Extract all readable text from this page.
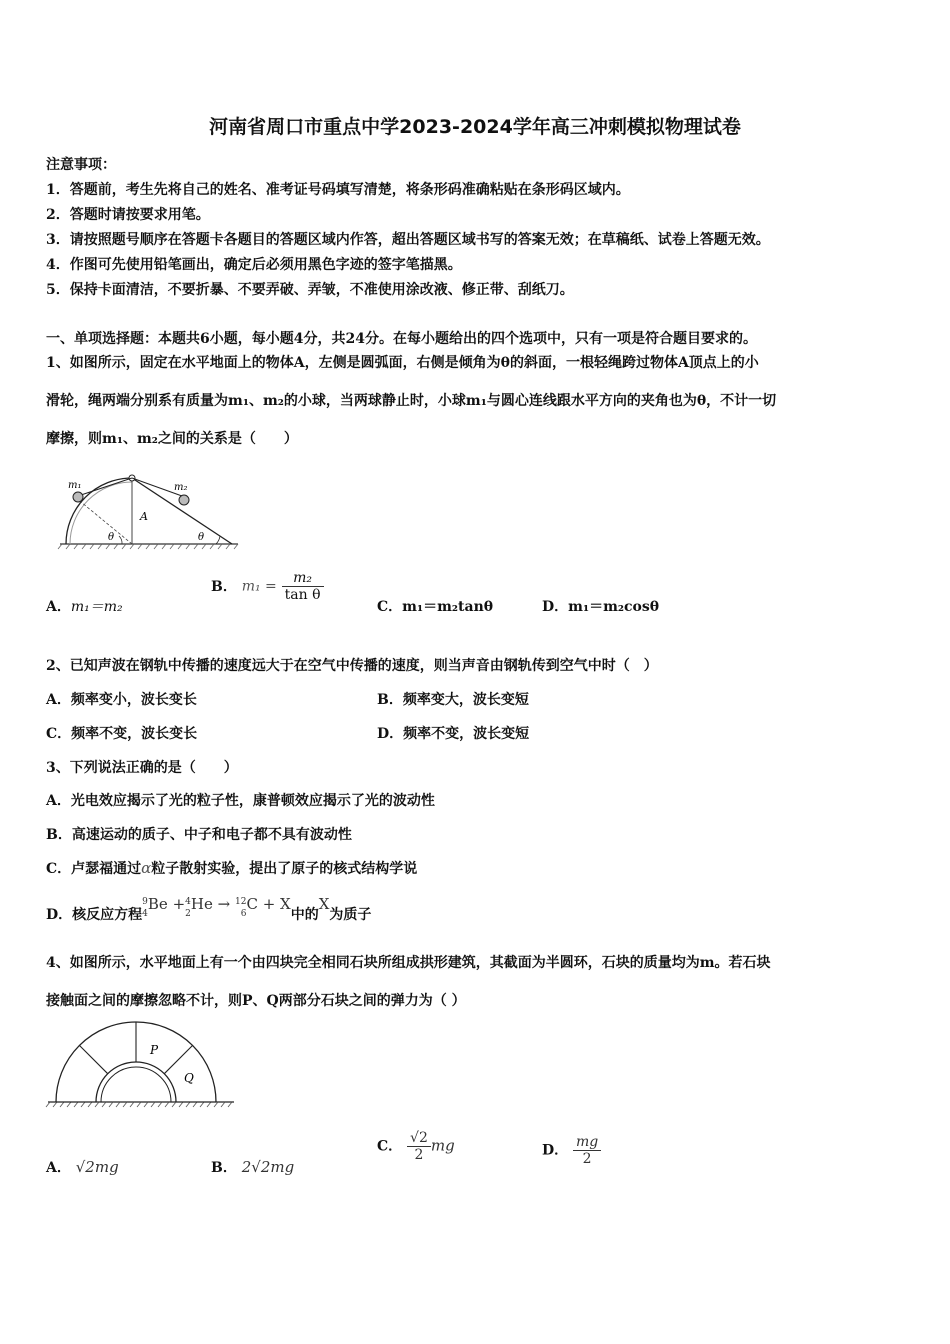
河南省周口市重点中学2023-2024学年高三冲刺模拟物理试卷
注意事项：
1．答题前，考生先将自己的姓名、准考证号码填写清楚，将条形码准确粘贴在条形码区域内。
2．答题时请按要求用笔。
3．请按照题号顺序在答题卡各题目的答题区域内作答，超出答题区域书写的答案无效；在草稿纸、试卷上答题无效。
4．作图可先使用铅笔画出，确定后必须用黑色字迹的签字笔描黑。
5．保持卡面清洁，不要折暴、不要弄破、弄皱，不准使用涂改液、修正带、刮纸刀。
一、单项选择题：本题共6小题，每小题4分，共24分。在每小题给出的四个选项中，只有一项是符合题目要求的。
1、如图所示，固定在水平地面上的物体A，左侧是圆弧面，右侧是倾角为θ的斜面，一根轻绳跨过物体A顶点上的小
滑轮，绳两端分别系有质量为m₁、m₂的小球，当两球静止时，小球m₁与圆心连线跟水平方向的夹角也为θ，不计一切
摩擦，则m₁、m₂之间的关系是（　　）
m₁	m₂
A
θ	θ
A．m₁＝m₂
B． $m_1 = \frac{\text{m₂}}{\text{tan θ}}$
C．m₁＝m₂tanθ	D．m₁＝m₂cosθ
2、已知声波在钢轨中传播的速度远大于在空气中传播的速度，则当声音由钢轨传到空气中时（　）
A．频率变小，波长变长	B．频率变大，波长变短
C．频率不变，波长变长	D．频率不变，波长变短
3、下列说法正确的是（　　）
A．光电效应揭示了光的粒子性，康普顿效应揭示了光的波动性
B．高速运动的质子、中子和电子都不具有波动性
C．卢瑟福通过α粒子散射实验，提出了原子的核式结构学说
D．核反应方程9
4Be +4
2He → 12
6C + X中的X为质子
4、如图所示，水平地面上有一个由四块完全相同石块所组成拱形建筑，其截面为半圆环，石块的质量均为m。若石块
接触面之间的摩擦忽略不计，则P、Q两部分石块之间的弹力为（ ）
P
Q
A． √2mg	B． 2√2mg
C． $\frac{√2}{2}$ mg	D． $\frac{mg}{2}$
